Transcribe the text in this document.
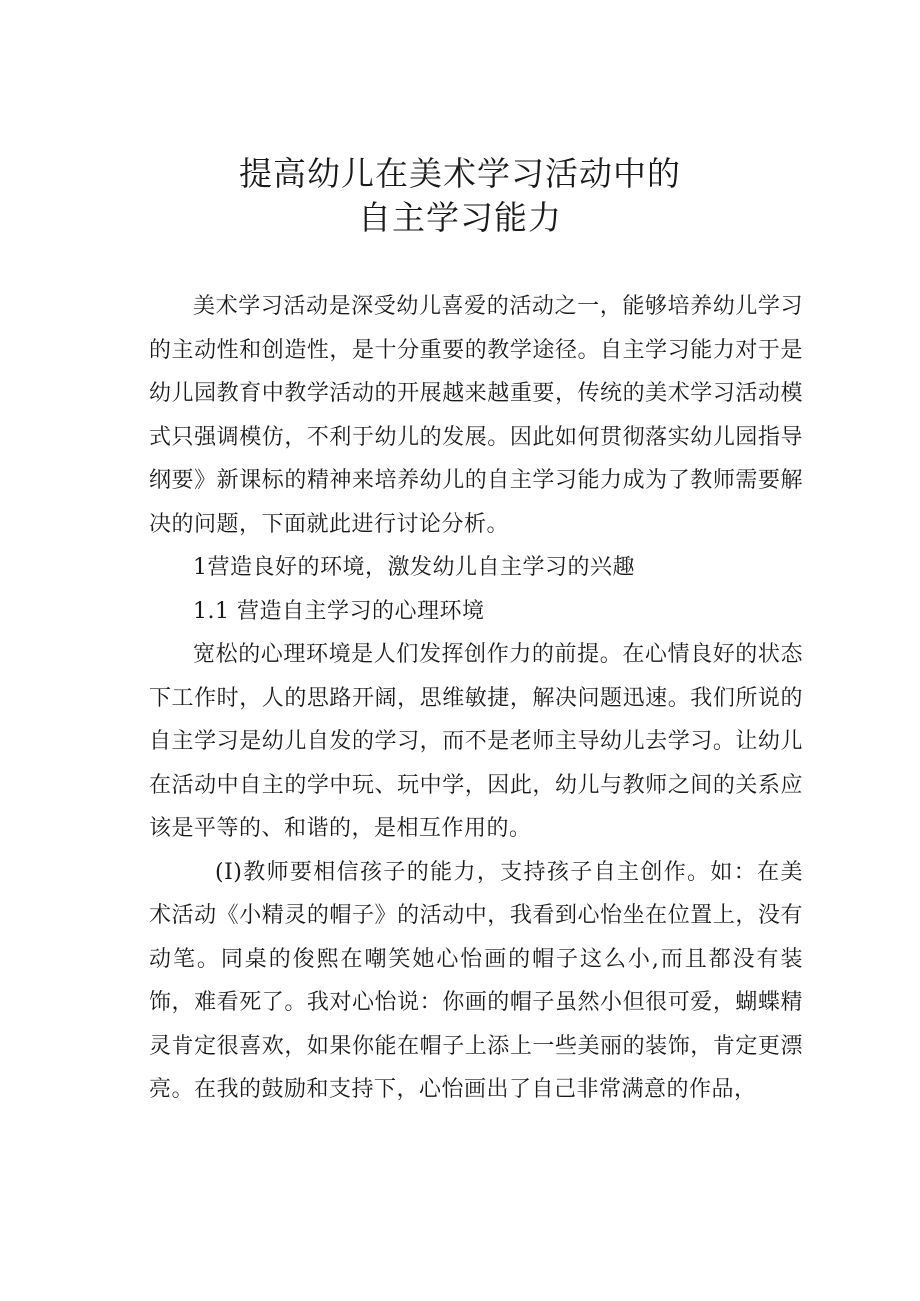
提高幼儿在美术学习活动中的
自主学习能力

美术学习活动是深受幼儿喜爱的活动之一，能够培养幼儿学习的主动性和创造性，是十分重要的教学途径。自主学习能力对于是幼儿园教育中教学活动的开展越来越重要，传统的美术学习活动模式只强调模仿，不利于幼儿的发展。因此如何贯彻落实幼儿园指导纲要》新课标的精神来培养幼儿的自主学习能力成为了教师需要解决的问题，下面就此进行讨论分析。

1营造良好的环境，激发幼儿自主学习的兴趣

1.1 营造自主学习的心理环境

宽松的心理环境是人们发挥创作力的前提。在心情良好的状态下工作时，人的思路开阔，思维敏捷，解决问题迅速。我们所说的自主学习是幼儿自发的学习，而不是老师主导幼儿去学习。让幼儿在活动中自主的学中玩、玩中学，因此，幼儿与教师之间的关系应该是平等的、和谐的，是相互作用的。

(I)教师要相信孩子的能力，支持孩子自主创作。如：在美术活动《小精灵的帽子》的活动中，我看到心怡坐在位置上，没有动笔。同桌的俊熙在嘲笑她心怡画的帽子这么小,而且都没有装饰，难看死了。我对心怡说：你画的帽子虽然小但很可爱，蝴蝶精灵肯定很喜欢，如果你能在帽子上添上一些美丽的装饰，肯定更漂亮。在我的鼓励和支持下，心怡画出了自己非常满意的作品，
